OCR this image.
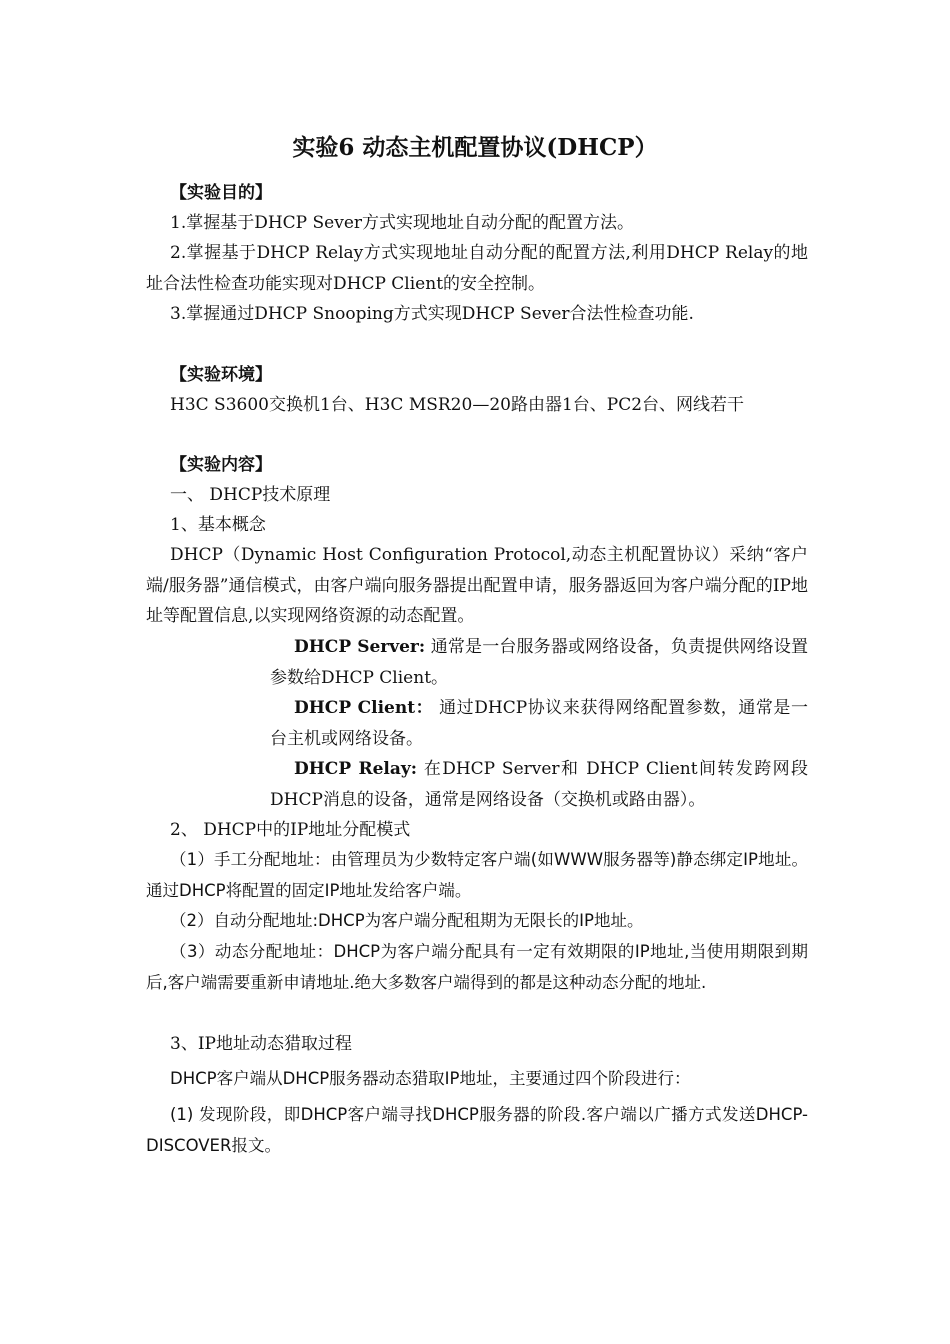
实验6 动态主机配置协议(DHCP）

【实验目的】

1.掌握基于DHCP Sever方式实现地址自动分配的配置方法。

2.掌握基于DHCP Relay方式实现地址自动分配的配置方法,利用DHCP Relay的地址合法性检查功能实现对DHCP Client的安全控制。

3.掌握通过DHCP Snooping方式实现DHCP Sever合法性检查功能.

【实验环境】

H3C S3600交换机1台、H3C MSR20—20路由器1台、PC2台、网线若干

【实验内容】

一、 DHCP技术原理

1、基本概念

DHCP（Dynamic Host Configuration Protocol,动态主机配置协议）采纳“客户端/服务器”通信模式，由客户端向服务器提出配置申请，服务器返回为客户端分配的IP地址等配置信息,以实现网络资源的动态配置。

DHCP Server: 通常是一台服务器或网络设备，负责提供网络设置参数给DHCP Client。

DHCP Client： 通过DHCP协议来获得网络配置参数，通常是一台主机或网络设备。

DHCP Relay: 在DHCP Server和 DHCP Client间转发跨网段DHCP消息的设备，通常是网络设备（交换机或路由器）。

2、 DHCP中的IP地址分配模式

（1）手工分配地址：由管理员为少数特定客户端(如WWW服务器等)静态绑定IP地址。通过DHCP将配置的固定IP地址发给客户端。

（2）自动分配地址:DHCP为客户端分配租期为无限长的IP地址。

（3）动态分配地址：DHCP为客户端分配具有一定有效期限的IP地址,当使用期限到期后,客户端需要重新申请地址.绝大多数客户端得到的都是这种动态分配的地址.

3、IP地址动态猎取过程

DHCP客户端从DHCP服务器动态猎取IP地址，主要通过四个阶段进行：

(1) 发现阶段，即DHCP客户端寻找DHCP服务器的阶段.客户端以广播方式发送DHCP-DISCOVER报文。
